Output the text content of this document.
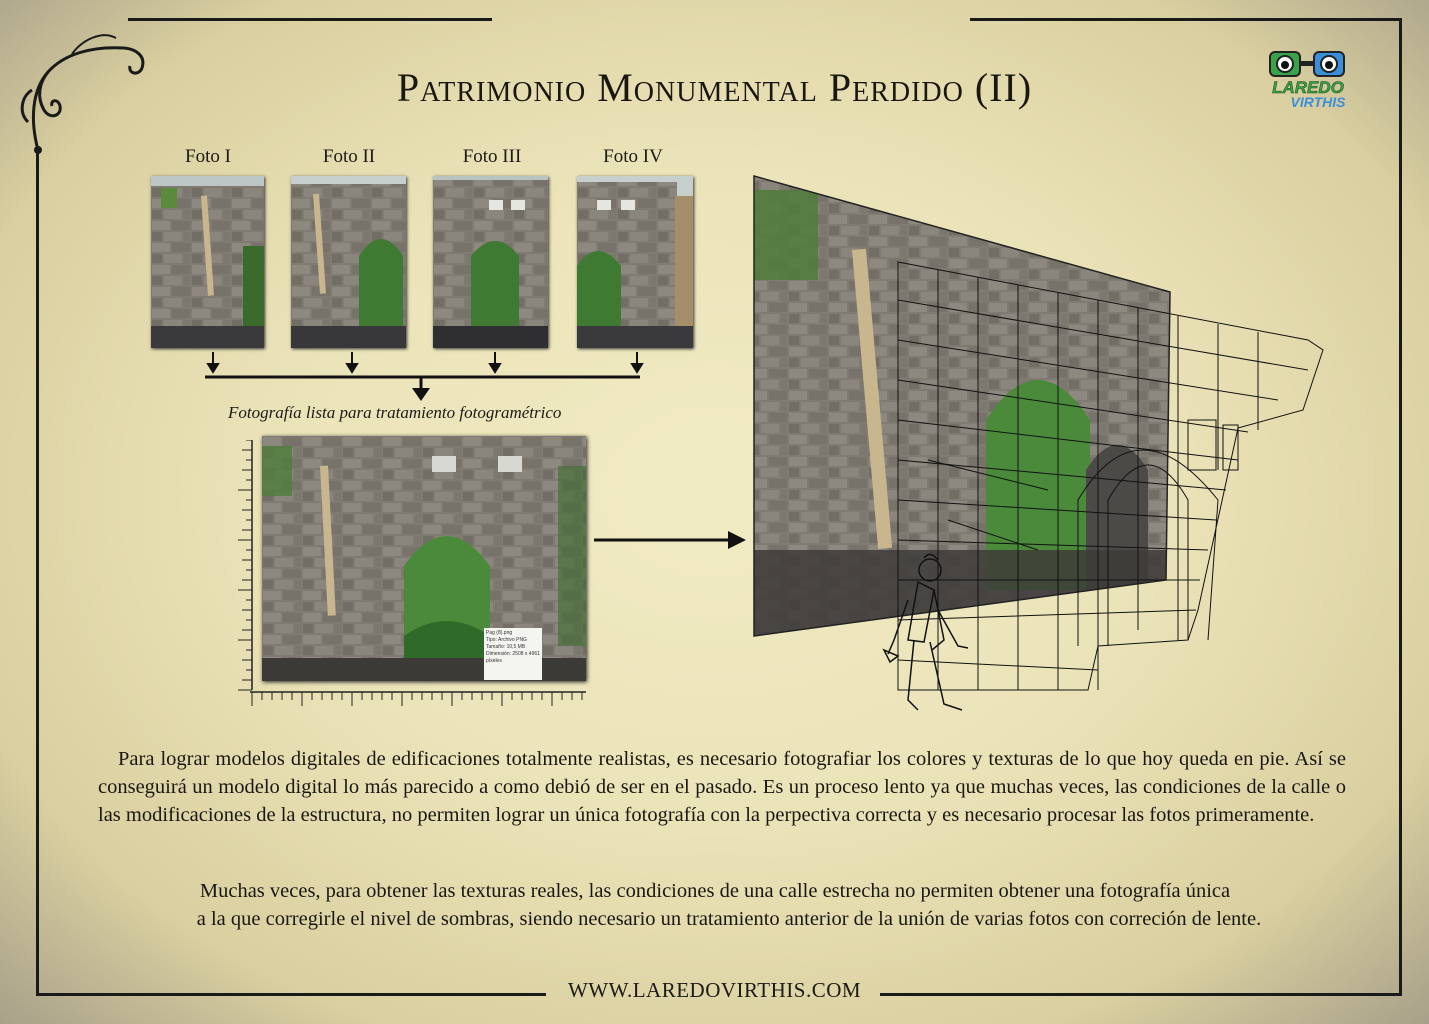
Patrimonio Monumental Perdido (II)	LAREDO
VIRTHIS
Foto I	Foto II	Foto III	Foto IV
Fotografía lista para tratamiento fotogramétrico
Pag (8).png
Tipo: Archivo PNG
Tamaño: 10,5 MB
Dimensión: 2508 x 4961
píxeles
Para lograr modelos digitales de edificaciones totalmente realistas, es necesario fotografiar los colores y texturas de lo que hoy queda en pie. Así se conseguirá un modelo digital lo más parecido a como debió de ser en el pasado. Es un proceso lento ya que muchas veces, las condiciones de la calle o las modificaciones de la estructura, no permiten lograr un única fotografía con la perpectiva correcta y es necesario procesar las fotos primeramente.
Muchas veces, para obtener las texturas reales, las condiciones de una calle estrecha no permiten obtener una fotografía única
a la que corregirle el nivel de sombras, siendo necesario un tratamiento anterior de la unión de varias fotos con correción de lente.
WWW.LAREDOVIRTHIS.COM
